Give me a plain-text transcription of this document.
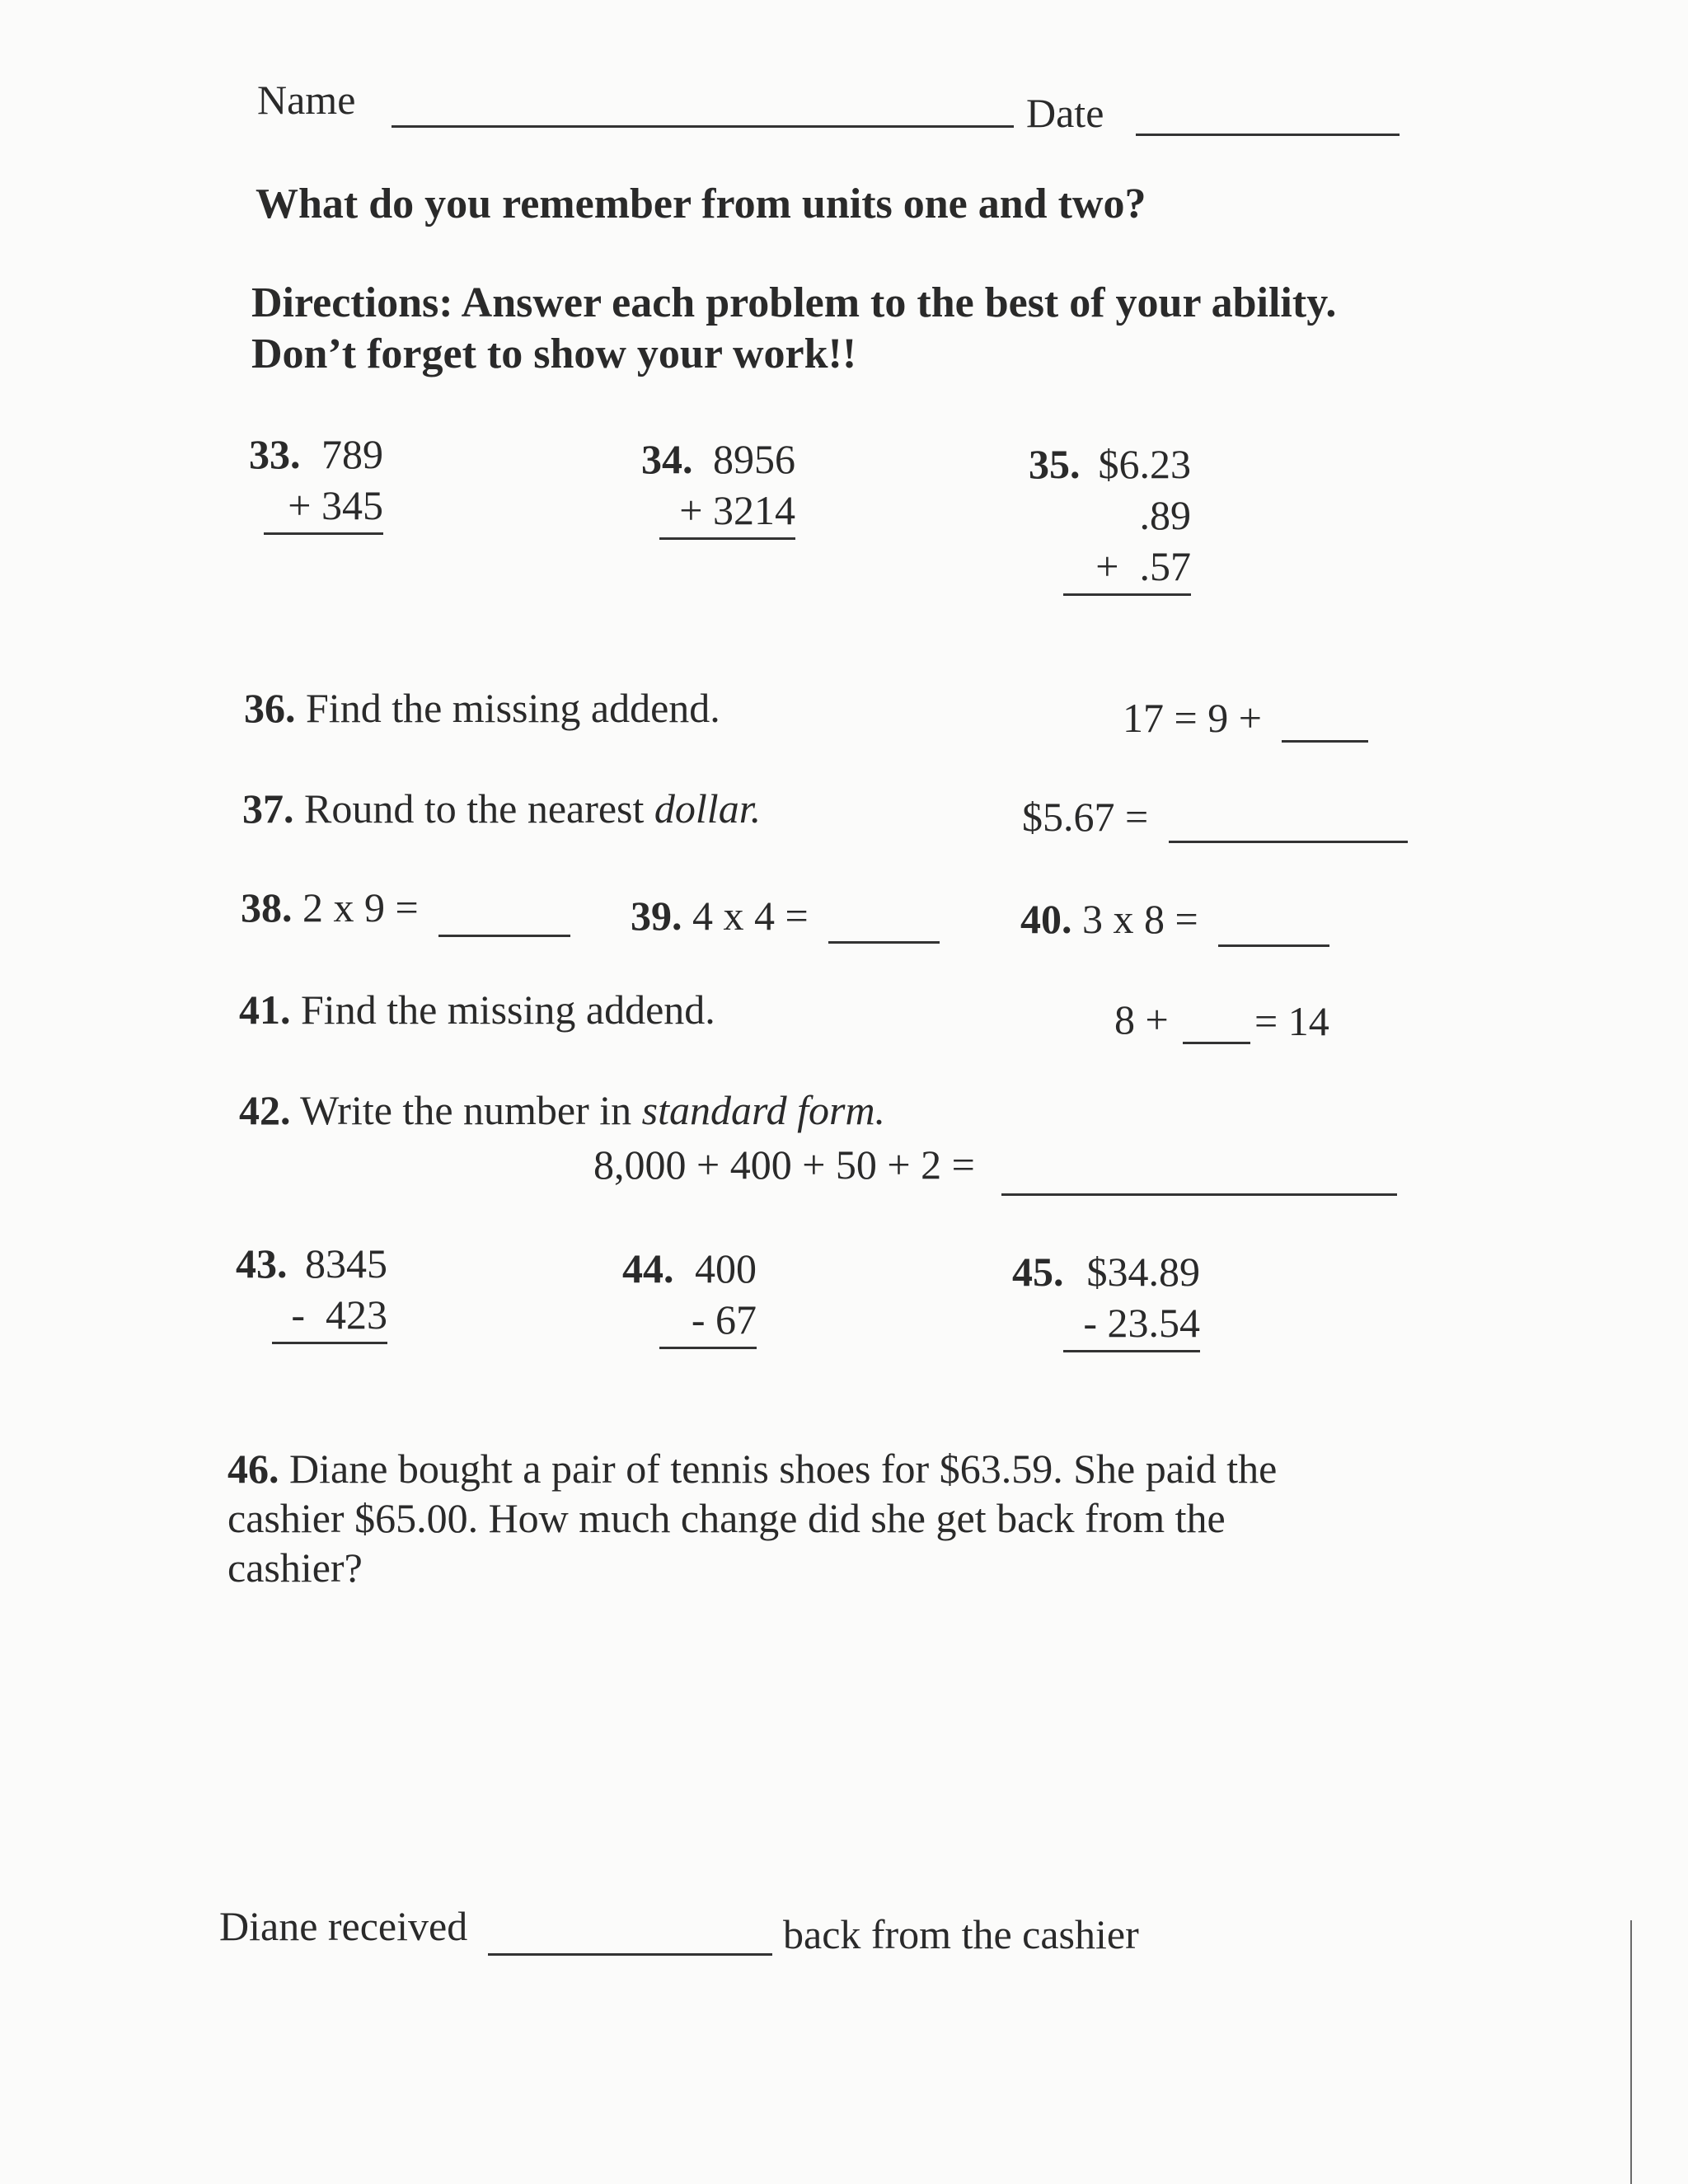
Name	Date
What do you remember from units one and two?
Directions: Answer each problem to the best of your ability.
Don’t forget to show your work!!
33. 789
+ 345
34. 8956
+ 3214
35. $6.23
.89
+  .57
36. Find the missing addend.	17 = 9 +
37. Round to the nearest dollar.	$5.67 =
38. 2 x 9 =	39. 4 x 4 =	40. 3 x 8 =
41. Find the missing addend.	8 + = 14
42. Write the number in standard form.
8,000 + 400 + 50 + 2 =
43. 8345
-  423
44. 400
- 67
45. $34.89
- 23.54
46. Diane bought a pair of tennis shoes for $63.59. She paid the
cashier $65.00. How much change did she get back from the
cashier?
Diane received	back from the cashier
